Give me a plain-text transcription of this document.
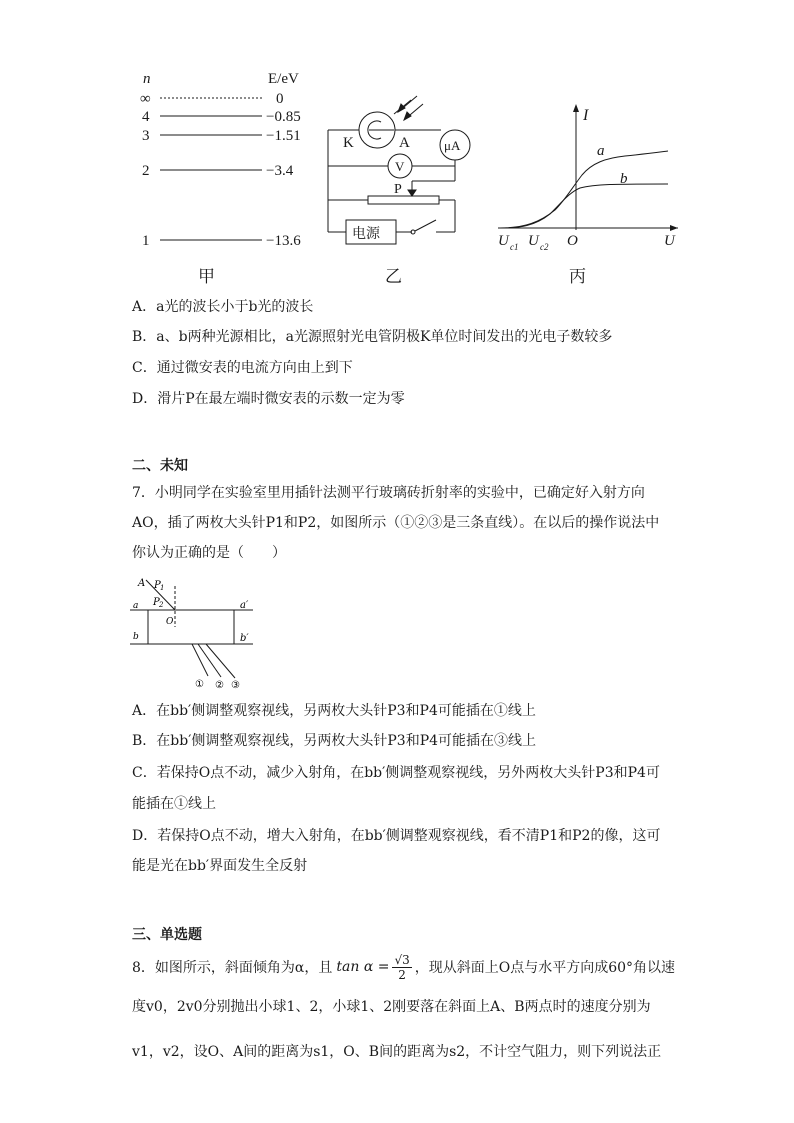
n	E/eV
∞	0
4	−0.85
3	−1.51
2	−3.4
1	−13.6
K	A
V
μA
P
电源
I
a
b
U c1 U c2 O	U
甲	乙	丙
A．a光的波长小于b光的波长
B．a、b两种光源相比，a光源照射光电管阴极K单位时间发出的光电子数较多
C．通过微安表的电流方向由上到下
D．滑片P在最左端时微安表的示数一定为零
二、未知
7．小明同学在实验室里用插针法测平行玻璃砖折射率的实验中，已确定好入射方向
AO，插了两枚大头针P1和P2，如图所示（①②③是三条直线）。在以后的操作说法中
你认为正确的是（　　）
A P 1
P 2
a	a′
b	b′
O
① ② ③
A．在bb′侧调整观察视线，另两枚大头针P3和P4可能插在①线上
B．在bb′侧调整观察视线，另两枚大头针P3和P4可能插在③线上
C．若保持O点不动，减少入射角，在bb′侧调整观察视线，另外两枚大头针P3和P4可
能插在①线上
D．若保持O点不动，增大入射角，在bb′侧调整观察视线，看不清P1和P2的像，这可
能是光在bb′界面发生全反射
三、单选题
8．如图所示，斜面倾角为α，且 $\tan \alpha = \frac{√3}{2}$ ，现从斜面上O点与水平方向成60°角以速
度v0，2v0分别抛出小球1、2，小球1、2刚要落在斜面上A、B两点时的速度分别为
v1，v2，设O、A间的距离为s1，O、B间的距离为s2，不计空气阻力，则下列说法正
